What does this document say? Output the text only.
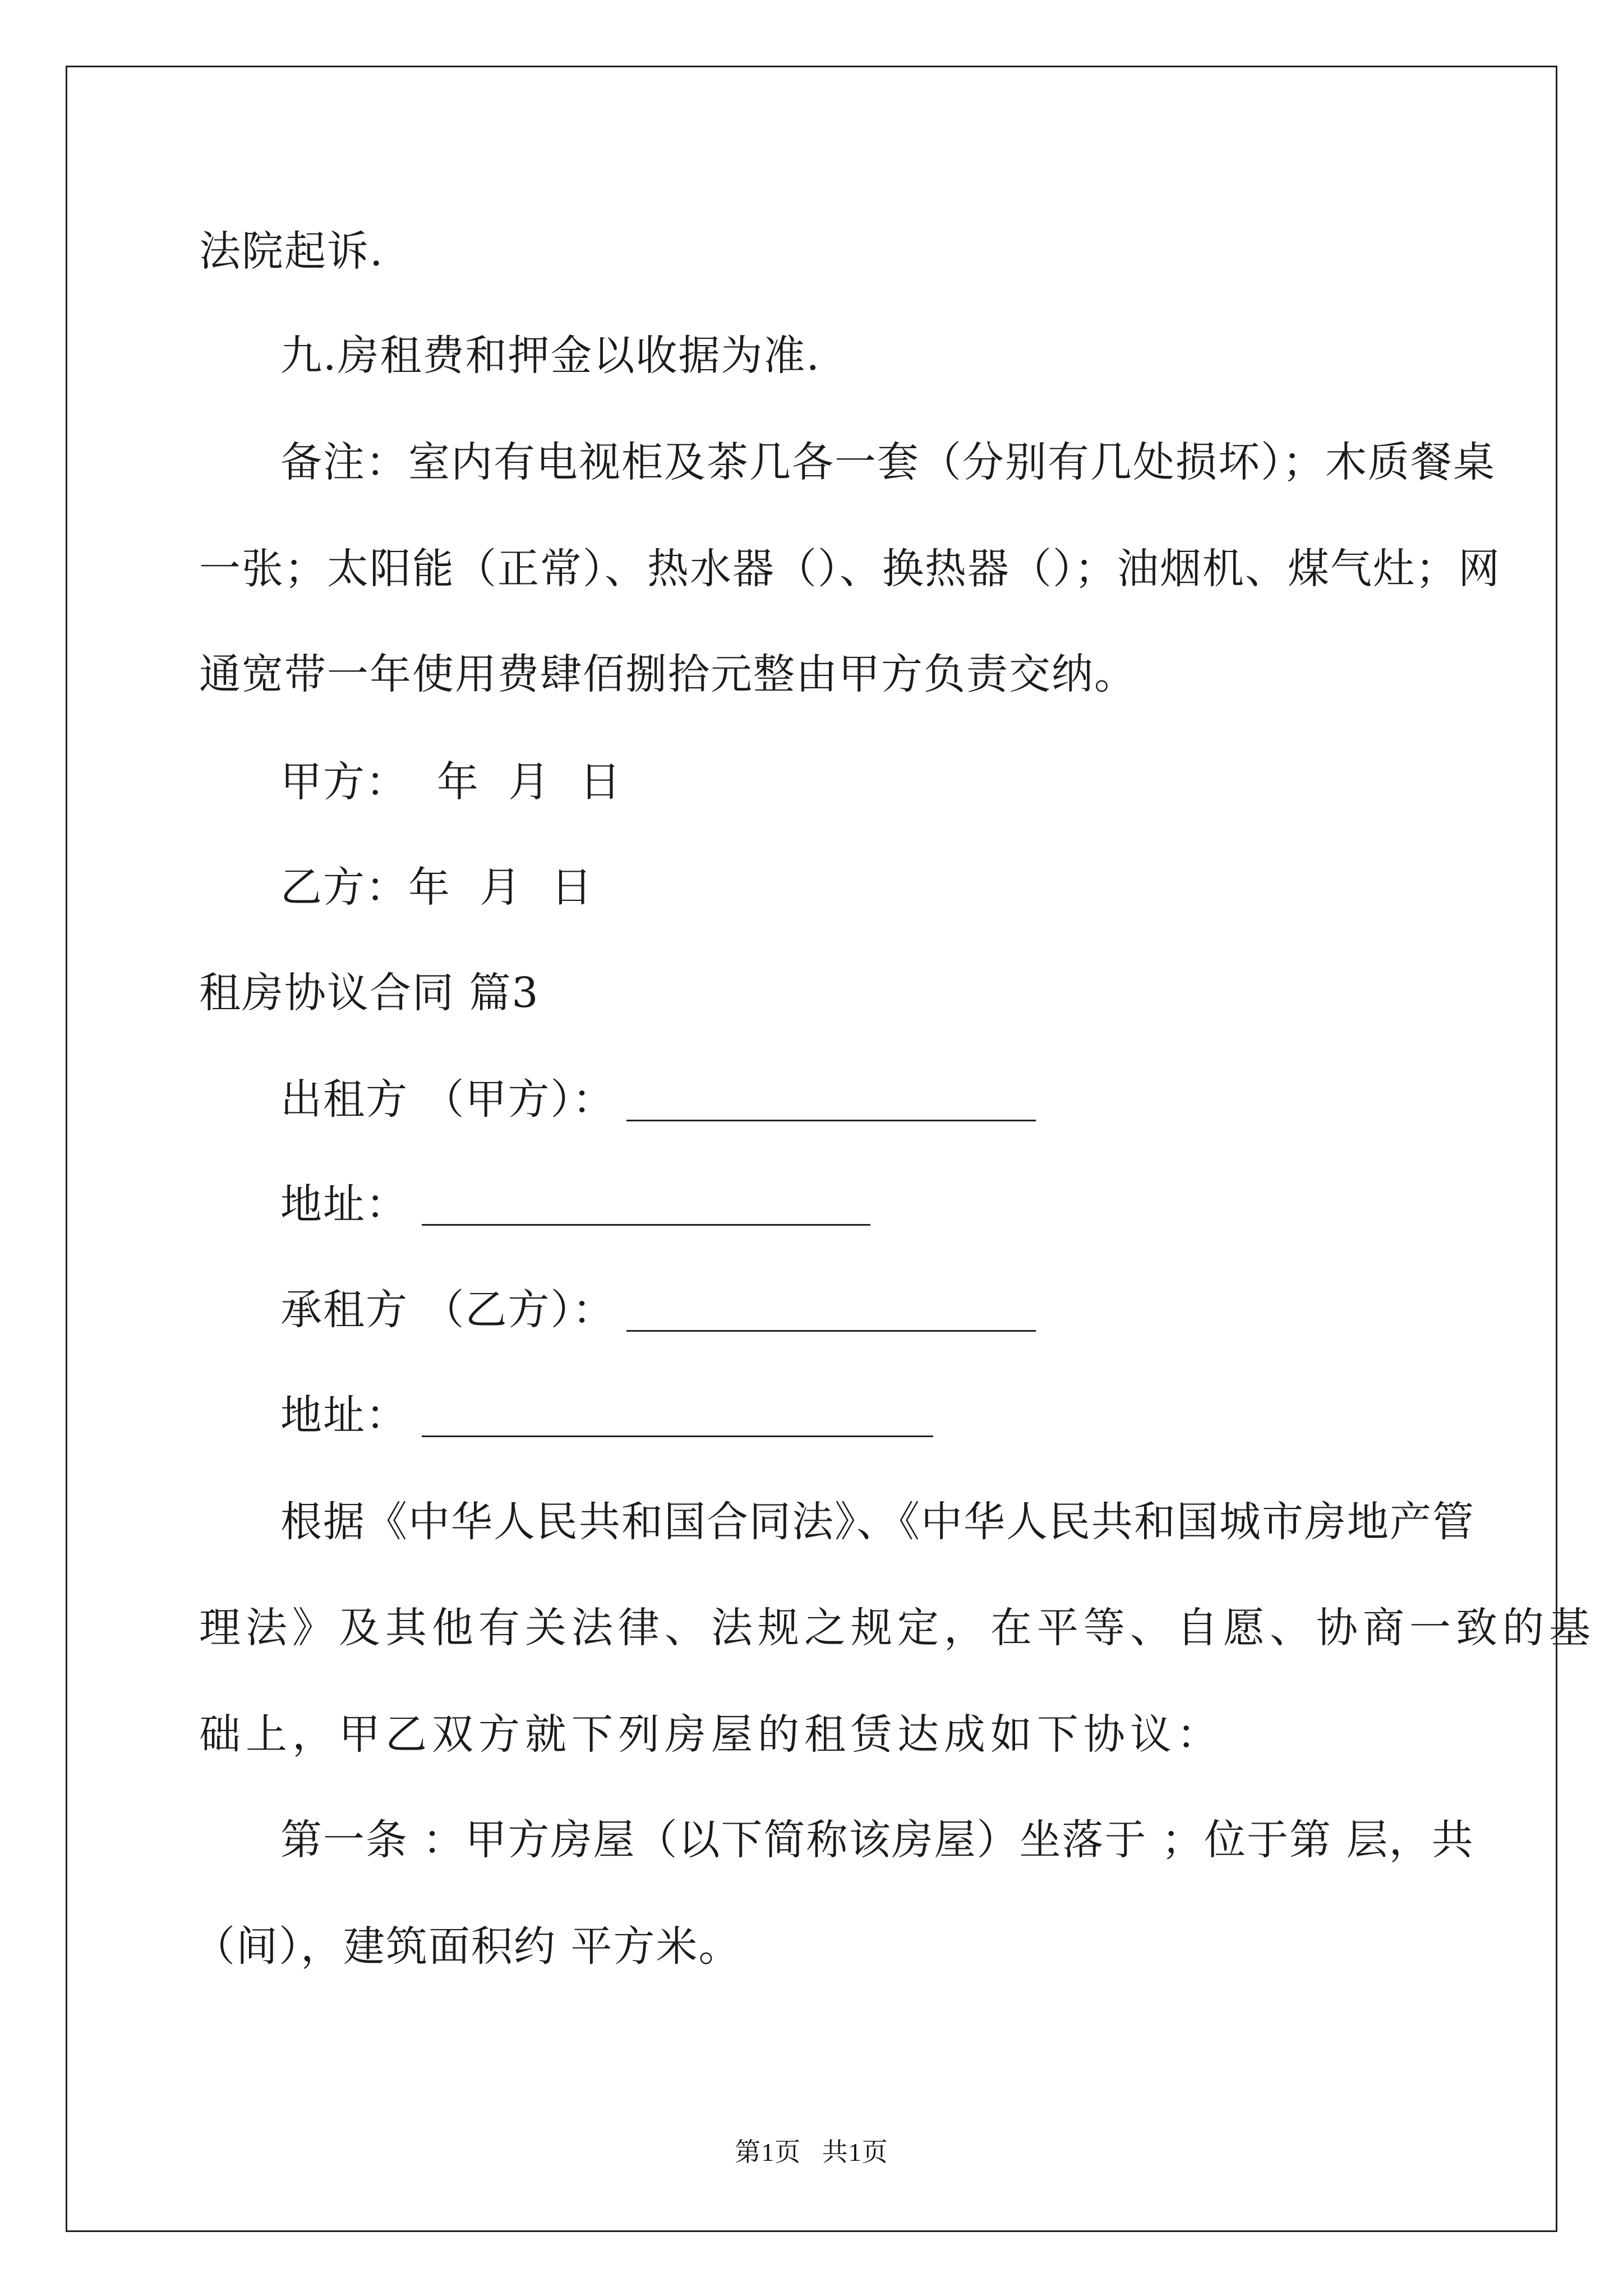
法院起诉.
九.房租费和押金以收据为准.
备注：室内有电视柜及茶几各一套（分别有几处损坏）；木质餐桌
一张；太阳能（正常）、热水器（）、换热器（）；油烟机、煤气灶；网
通宽带一年使用费肆佰捌拾元整由甲方负责交纳。
甲方：  年  月  日
乙方：年  月  日
租房协议合同 篇3
出租方 （甲方）：
地址：
承租方 （乙方）：
地址：
根据《中华人民共和国合同法》、《中华人民共和国城市房地产管
理法》及其他有关法律、法规之规定，在平等、自愿、协商一致的基
础上，甲乙双方就下列房屋的租赁达成如下协议：
第一条 ：甲方房屋（以下简称该房屋）坐落于 ；位于第 层，共
（间），建筑面积约 平方米。
第1页   共1页
